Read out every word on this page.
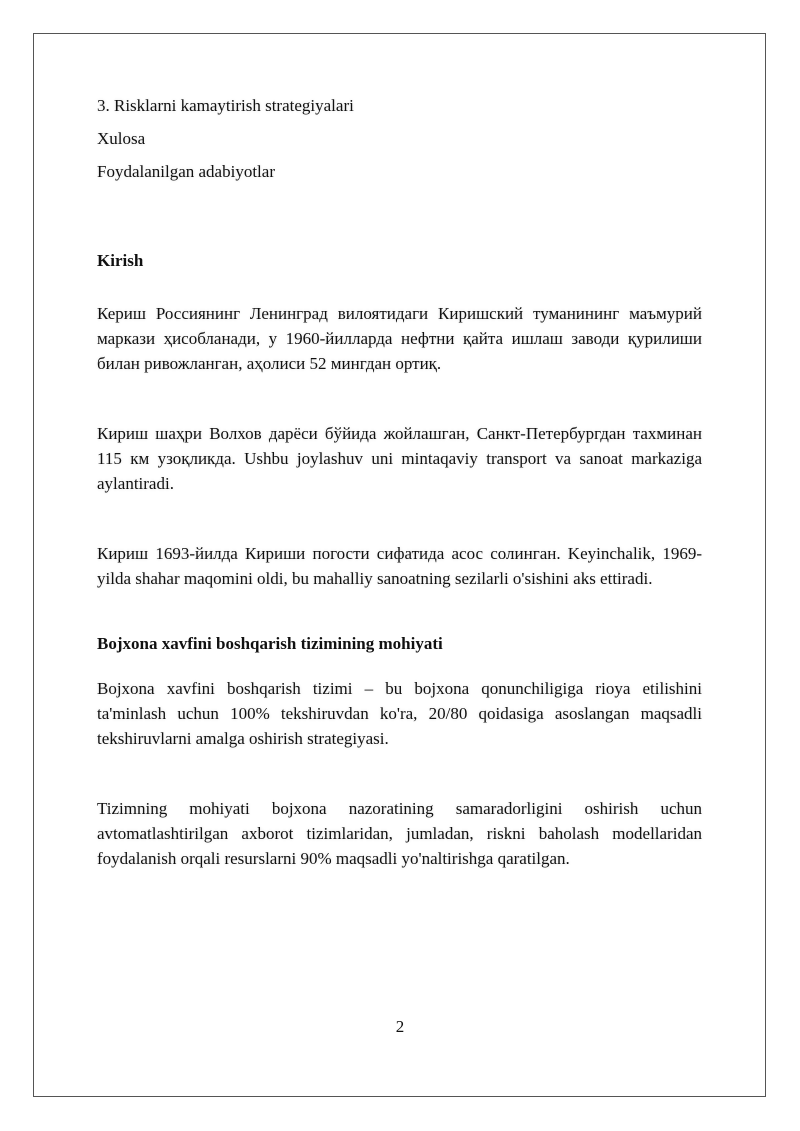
3. Risklarni kamaytirish strategiyalari

Xulosa

Foydalanilgan adabiyotlar

Kirish

Кериш Россиянинг Ленинград вилоятидаги Киришский туманининг маъмурий маркази ҳисобланади, у 1960-йилларда нефтни қайта ишлаш заводи қурилиши билан ривожланган, аҳолиси 52 мингдан ортиқ.

Кириш шаҳри Волхов дарёси бўйида жойлашган, Санкт-Петербургдан тахминан 115 км узоқликда. Ushbu joylashuv uni mintaqaviy transport va sanoat markaziga aylantiradi.

Кириш 1693-йилда Кириши погости сифатида асос солинган. Keyinchalik, 1969-yilda shahar maqomini oldi, bu mahalliy sanoatning sezilarli o'sishini aks ettiradi.

Bojxona xavfini boshqarish tizimining mohiyati

Bojxona xavfini boshqarish tizimi – bu bojxona qonunchiligiga rioya etilishini ta'minlash uchun 100% tekshiruvdan ko'ra, 20/80 qoidasiga asoslangan maqsadli tekshiruvlarni amalga oshirish strategiyasi.

Tizimning mohiyati bojxona nazoratining samaradorligini oshirish uchun avtomatlashtirilgan axborot tizimlaridan, jumladan, riskni baholash modellaridan foydalanish orqali resurslarni 90% maqsadli yo'naltirishga qaratilgan.

2
